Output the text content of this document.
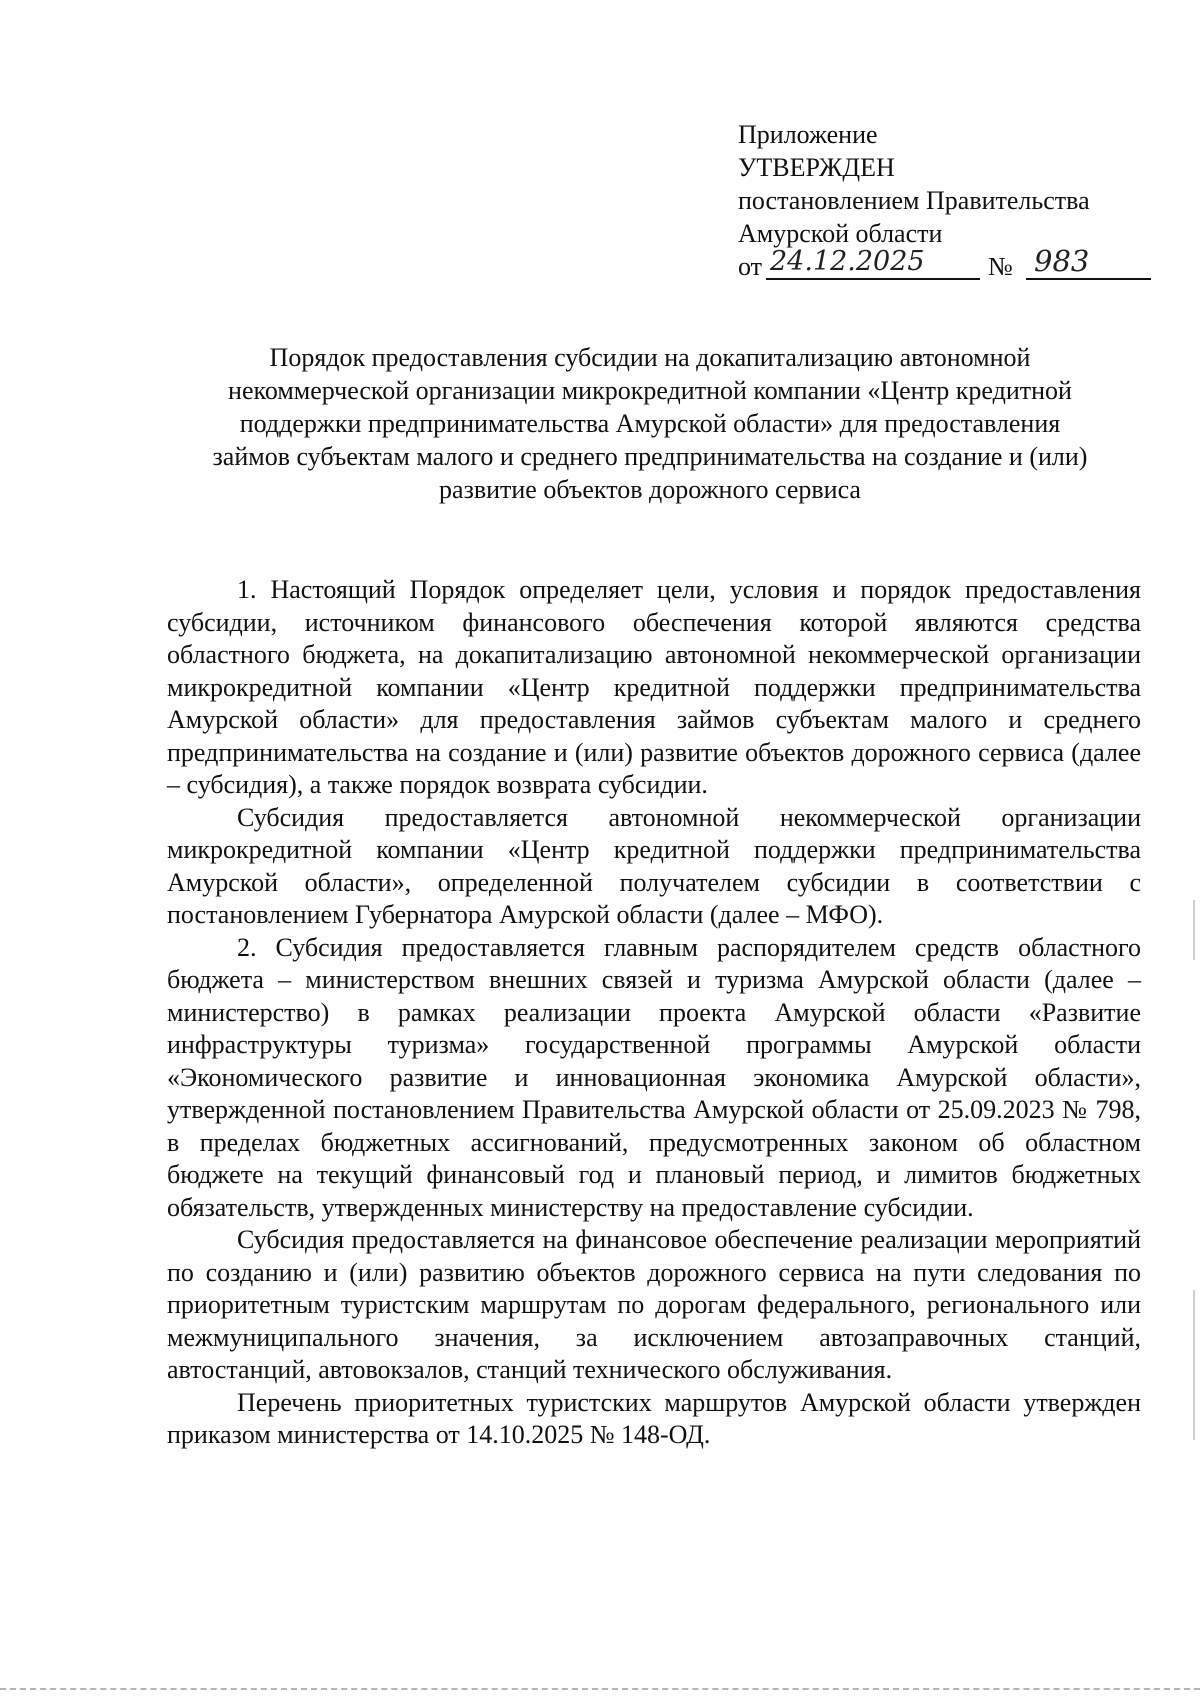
Приложение
УТВЕРЖДЕН
постановлением Правительства
Амурской области
от 24.12.2025	№ 983
Порядок предоставления субсидии на докапитализацию автономной
некоммерческой организации микрокредитной компании «Центр кредитной
поддержки предпринимательства Амурской области» для предоставления
займов субъектам малого и среднего предпринимательства на создание и (или)
развитие объектов дорожного сервиса

1. Настоящий Порядок определяет цели, условия и порядок предоставления субсидии, источником финансового обеспечения которой являются средства областного бюджета, на докапитализацию автономной некоммерческой организации микрокредитной компании «Центр кредитной поддержки предпринимательства Амурской области» для предоставления займов субъектам малого и среднего предпринимательства на создание и (или) развитие объектов дорожного сервиса (далее – субсидия), а также порядок возврата субсидии.

Субсидия предоставляется автономной некоммерческой организации микрокредитной компании «Центр кредитной поддержки предпринимательства Амурской области», определенной получателем субсидии в соответствии с постановлением Губернатора Амурской области (далее – МФО).

2. Субсидия предоставляется главным распорядителем средств областного бюджета – министерством внешних связей и туризма Амурской области (далее – министерство) в рамках реализации проекта Амурской области «Развитие инфраструктуры туризма» государственной программы Амурской области «Экономического развитие и инновационная экономика Амурской области», утвержденной постановлением Правительства Амурской области от 25.09.2023 № 798, в пределах бюджетных ассигнований, предусмотренных законом об областном бюджете на текущий финансовый год и плановый период, и лимитов бюджетных обязательств, утвержденных министерству на предоставление субсидии.

Субсидия предоставляется на финансовое обеспечение реализации мероприятий по созданию и (или) развитию объектов дорожного сервиса на пути следования по приоритетным туристским маршрутам по дорогам федерального, регионального или межмуниципального значения, за исключением автозаправочных станций, автостанций, автовокзалов, станций технического обслуживания.

Перечень приоритетных туристских маршрутов Амурской области утвержден приказом министерства от 14.10.2025 № 148-ОД.
